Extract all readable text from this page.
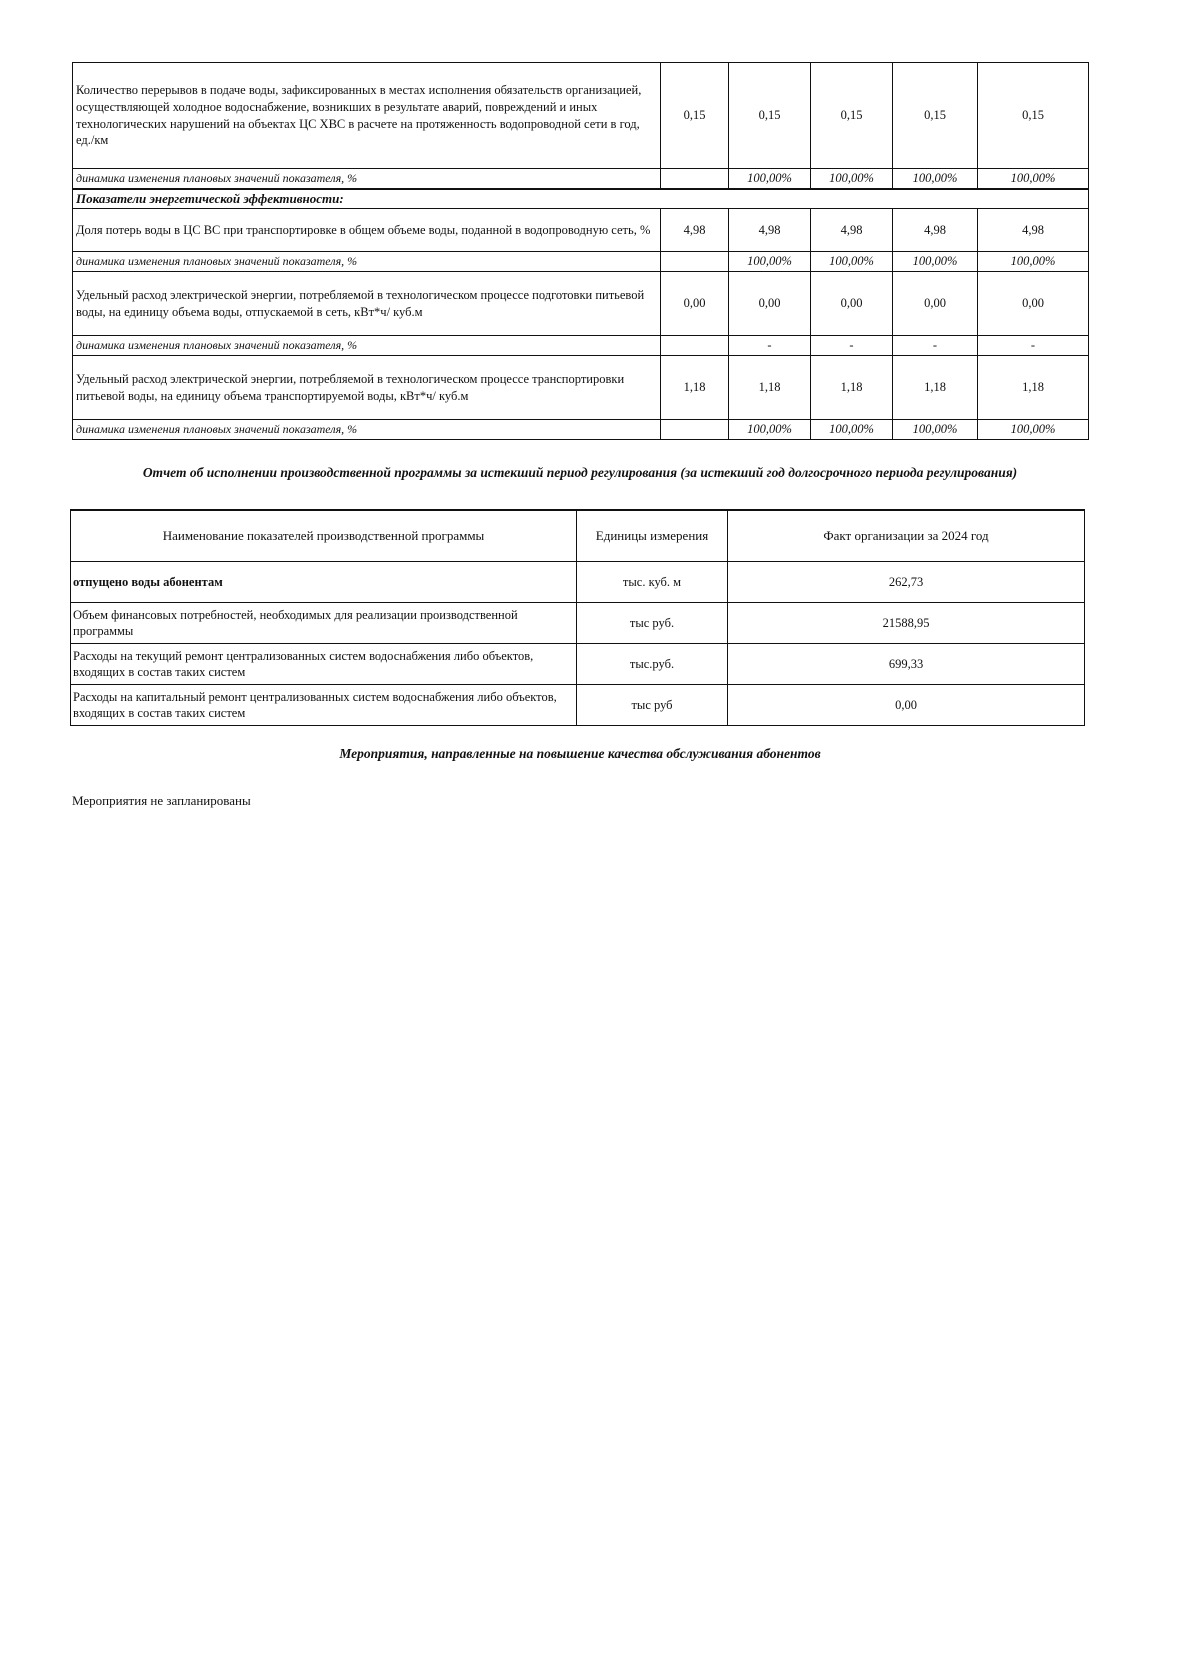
Количество перерывов в подаче воды, зафиксированных в местах исполнения обязательств организацией, осуществляющей холодное водоснабжение, возникших в результате аварий, повреждений и иных технологических нарушений на объектах ЦС ХВС в расчете на протяженность водопроводной сети в год, ед./км	0,15	0,15	0,15	0,15	0,15
динамика изменения плановых значений показателя, %		100,00%	100,00%	100,00%	100,00%
Показатели энергетической эффективности:					
Доля потерь воды в ЦС ВС при транспортировке в общем объеме воды, поданной в водопроводную сеть, %	4,98	4,98	4,98	4,98	4,98
динамика изменения плановых значений показателя, %		100,00%	100,00%	100,00%	100,00%
Удельный расход электрической энергии, потребляемой в технологическом процессе подготовки питьевой воды, на единицу объема воды, отпускаемой в сеть, кВт*ч/ куб.м	0,00	0,00	0,00	0,00	0,00
динамика изменения плановых значений показателя, %		-	-	-	-
Удельный расход электрической энергии, потребляемой в технологическом процессе транспортировки питьевой воды, на единицу объема транспортируемой воды, кВт*ч/ куб.м	1,18	1,18	1,18	1,18	1,18
динамика изменения плановых значений показателя, %		100,00%	100,00%	100,00%	100,00%
Отчет об исполнении производственной программы за истекший период регулирования (за истекший год долгосрочного периода регулирования)
Наименование показателей производственной программы	Единицы измерения	Факт организации за 2024 год
отпущено воды абонентам	тыс. куб. м	262,73
Объем финансовых потребностей, необходимых для реализации производственной программы	тыс руб.	21588,95
Расходы на текущий ремонт централизованных систем водоснабжения либо объектов, входящих в состав таких систем	тыс.руб.	699,33
Расходы на капитальный ремонт централизованных систем водоснабжения либо объектов, входящих в состав таких систем	тыс руб	0,00
Мероприятия, направленные на повышение качества обслуживания абонентов
Мероприятия не запланированы
